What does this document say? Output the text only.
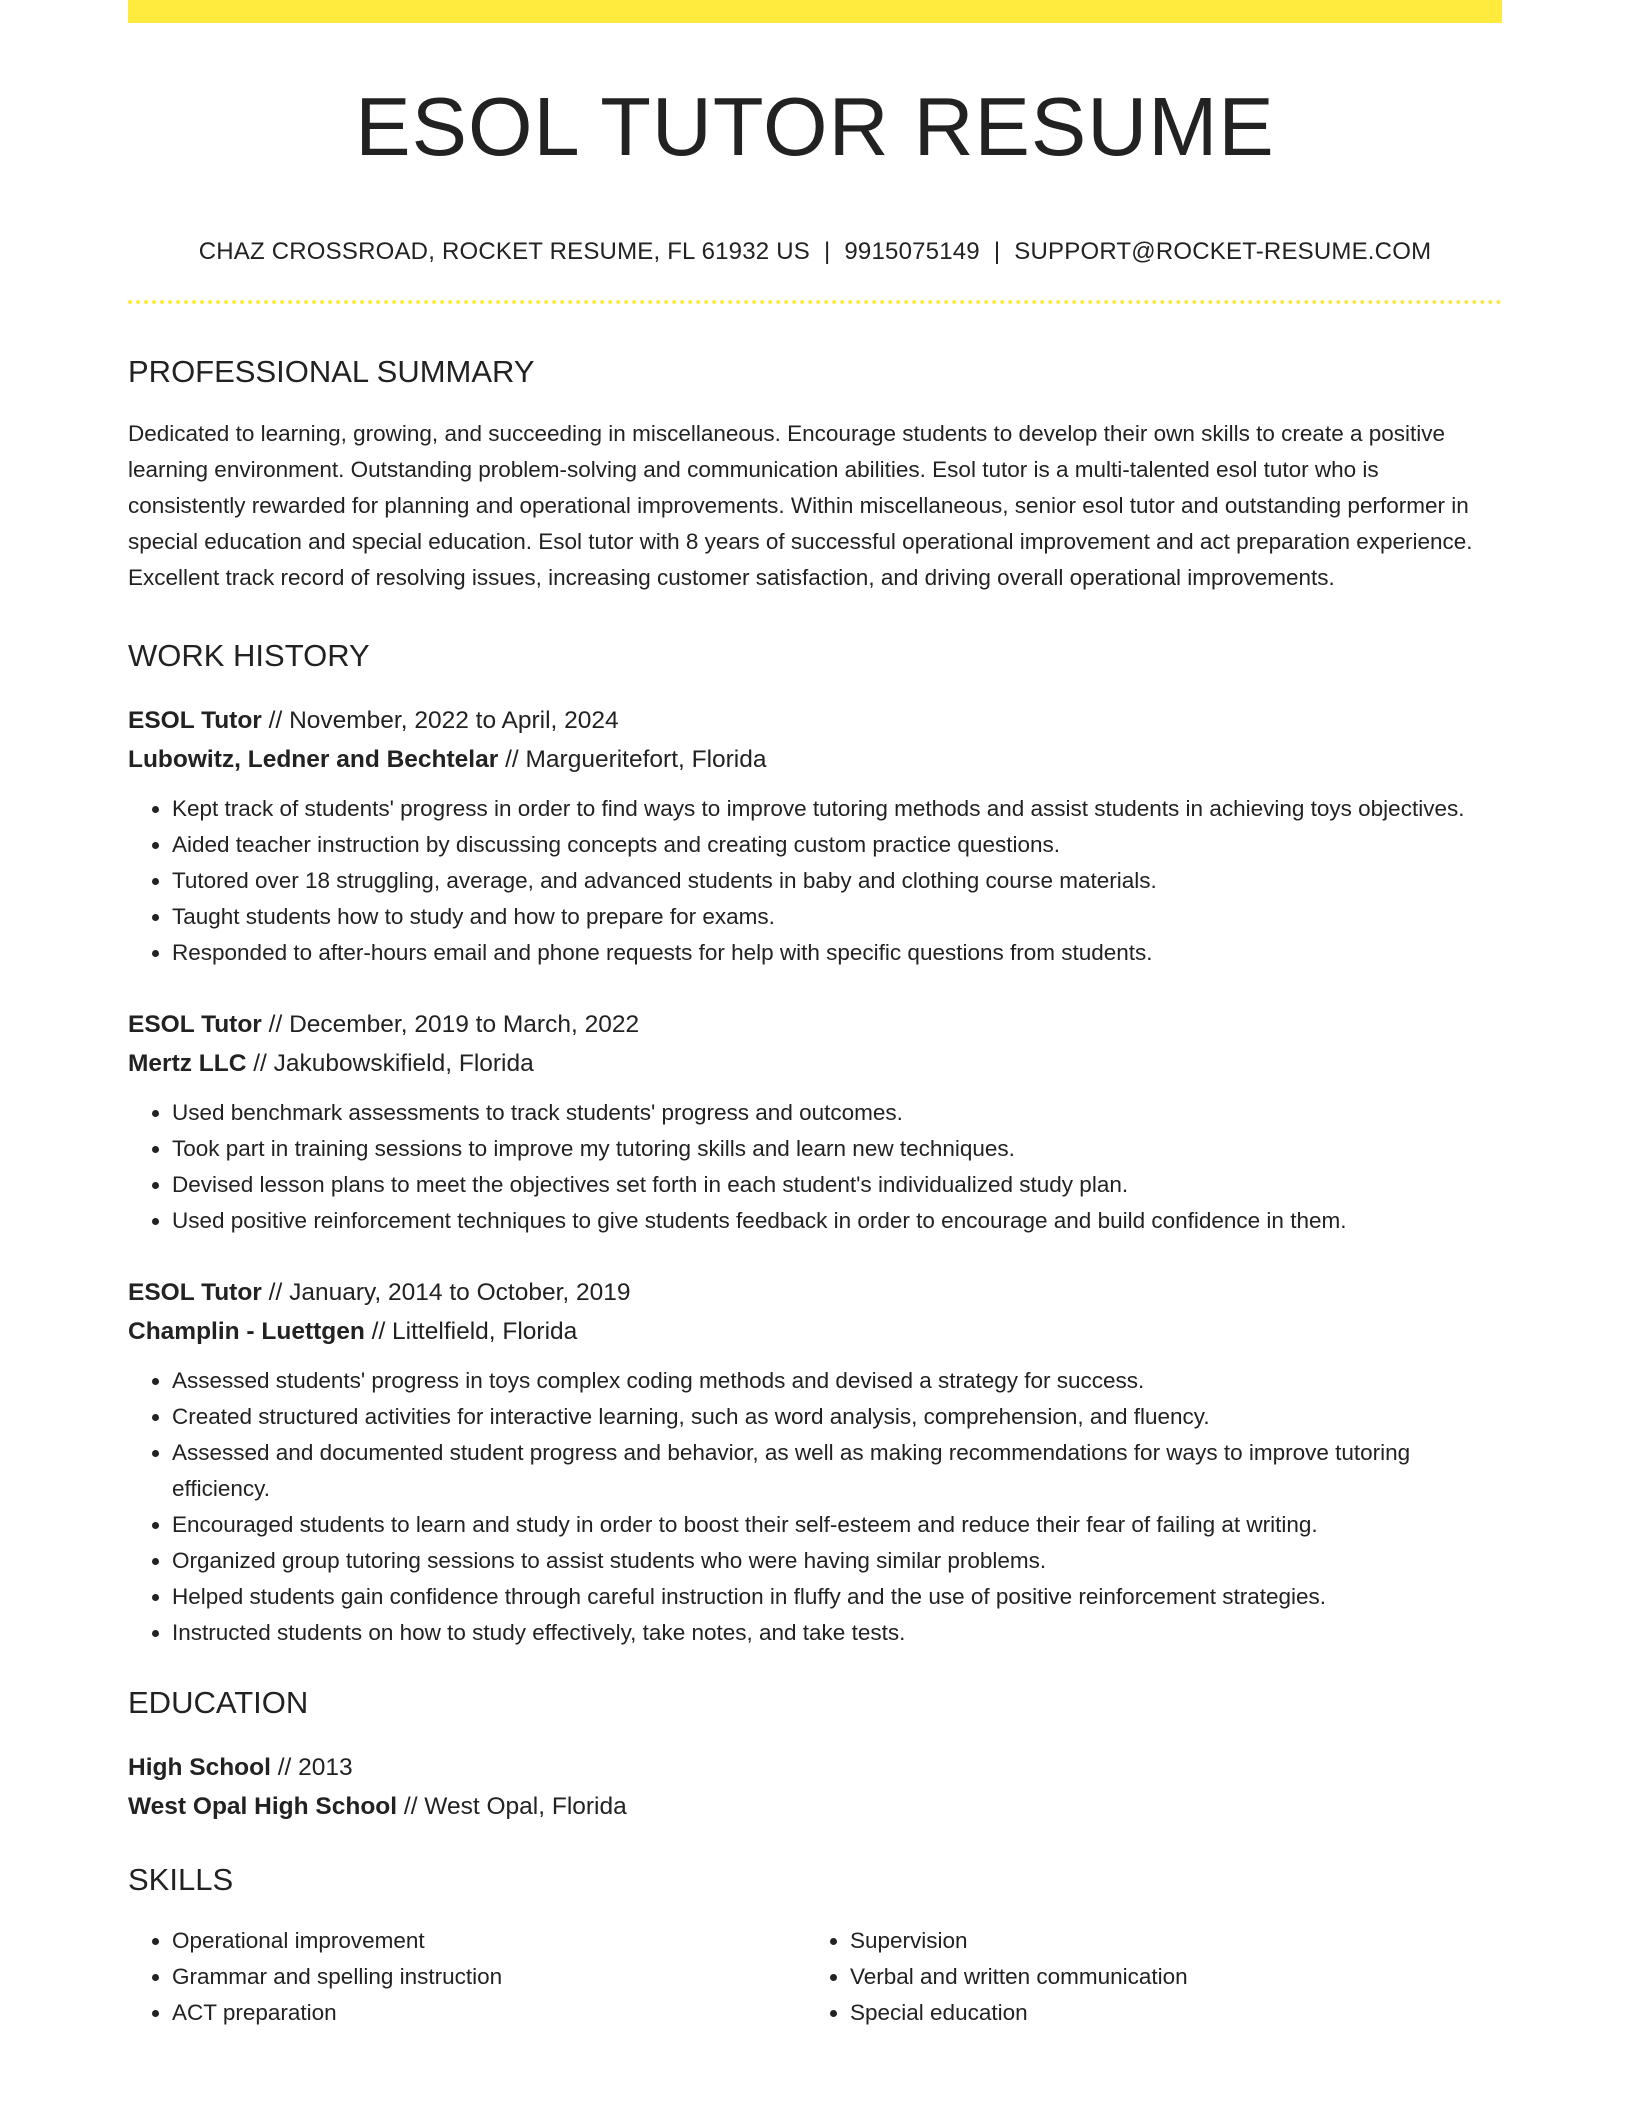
ESOL TUTOR RESUME
CHAZ CROSSROAD, ROCKET RESUME, FL 61932 US | 9915075149 | SUPPORT@ROCKET-RESUME.COM
PROFESSIONAL SUMMARY
Dedicated to learning, growing, and succeeding in miscellaneous. Encourage students to develop their own skills to create a positive learning environment. Outstanding problem-solving and communication abilities. Esol tutor is a multi-talented esol tutor who is consistently rewarded for planning and operational improvements. Within miscellaneous, senior esol tutor and outstanding performer in special education and special education. Esol tutor with 8 years of successful operational improvement and act preparation experience. Excellent track record of resolving issues, increasing customer satisfaction, and driving overall operational improvements.
WORK HISTORY
ESOL Tutor // November, 2022 to April, 2024
Lubowitz, Ledner and Bechtelar // Marguеritefort, Florida
• Kept track of students' progress in order to find ways to improve tutoring methods and assist students in achieving toys objectives.
• Aided teacher instruction by discussing concepts and creating custom practice questions.
• Tutored over 18 struggling, average, and advanced students in baby and clothing course materials.
• Taught students how to study and how to prepare for exams.
• Responded to after-hours email and phone requests for help with specific questions from students.
ESOL Tutor // December, 2019 to March, 2022
Mertz LLC // Jakubowskifield, Florida
• Used benchmark assessments to track students' progress and outcomes.
• Took part in training sessions to improve my tutoring skills and learn new techniques.
• Devised lesson plans to meet the objectives set forth in each student's individualized study plan.
• Used positive reinforcement techniques to give students feedback in order to encourage and build confidence in them.
ESOL Tutor // January, 2014 to October, 2019
Champlin - Luettgen // Littelfield, Florida
• Assessed students' progress in toys complex coding methods and devised a strategy for success.
• Created structured activities for interactive learning, such as word analysis, comprehension, and fluency.
• Assessed and documented student progress and behavior, as well as making recommendations for ways to improve tutoring efficiency.
• Encouraged students to learn and study in order to boost their self-esteem and reduce their fear of failing at writing.
• Organized group tutoring sessions to assist students who were having similar problems.
• Helped students gain confidence through careful instruction in fluffy and the use of positive reinforcement strategies.
• Instructed students on how to study effectively, take notes, and take tests.
EDUCATION
High School // 2013
West Opal High School // West Opal, Florida
SKILLS
• Operational improvement
• Grammar and spelling instruction
• ACT preparation
• Supervision
• Verbal and written communication
• Special education
